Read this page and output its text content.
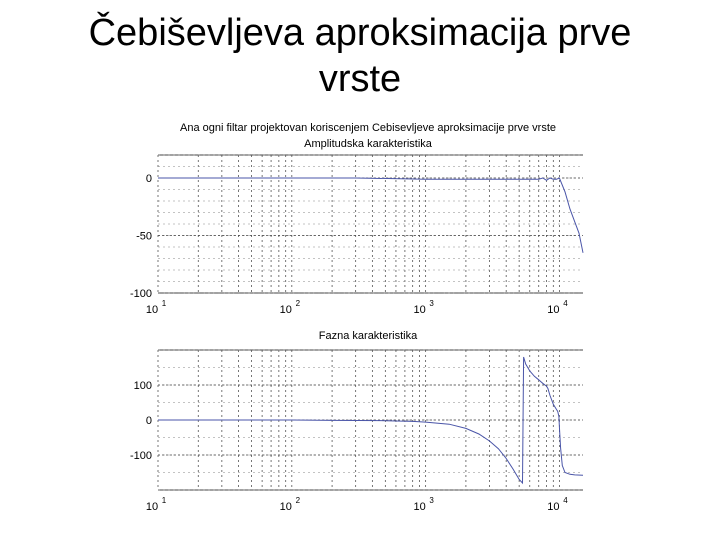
Čebiševljeva aproksimacija prve
vrste
Ana ogni filtar projektovan koriscenjem Cebisevljeve aproksimacije prve vrste
Amplitudska karakteristika
0
-50
-100
10
1
10
2
10
3
10
4
Fazna karakteristika
100
0
-100
10
1
10
2
10
3
10
4
